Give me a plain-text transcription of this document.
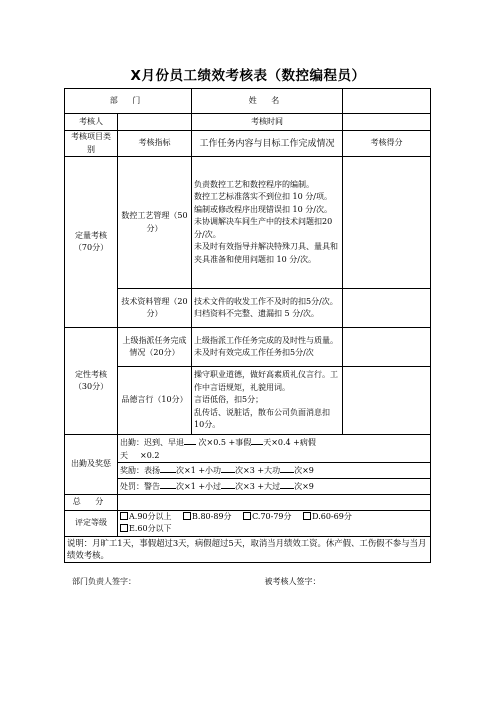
X月份员工绩效考核表（数控编程员）
部 门		姓 名	
考核人		考核时间	
考核项目类 别	考核指标	工作任务内容与目标工作完成情况	考核得分
定量考核（70分）	数控工艺管理（50分）	负责数控工艺和数控程序的编制。
数控工艺标准落实不到位扣 10 分/项。
编制或修改程序出现错误扣 10 分/次。
未协调解决车间生产中的技术问题扣20分/次。
未及时有效指导并解决特殊刀具、量具和夹具准备和使用问题扣 10 分/次。	

	技术资料管理（20分）	技术文件的收发工作不及时的扣5分/次。归档资料不完整、遗漏扣 5 分/次。	

定性考核（30分）	上级指派任务完成情况（20分）	上级指派工作任务完成的及时性与质量。
未及时有效完成工作任务扣5分/次	

	品德言行（10分）	操守职业道德，做好高素质礼仪言行。工作中言语规矩，礼貌用词。
言语低俗，扣5分；
乱传话、说脏话，散布公司负面消息扣10分。	

出勤及奖惩	出勤：迟到、早退 次×0.5 +事假 天×0.4 +病假
天 ×0.2		
	奖励：表扬 次×1 +小功 次×3 +大功 次×9		
	处罚：警告 次×1 +小过 次×3 +大过 次×9		
总 分			
评定等级	A.90分以上 B.80-89分 C.70-79分 D.60-69分
E.60分以下		
说明：月旷工1天，事假超过3天，病假超过5天，取消当月绩效工资。休产假、工伤假不参与当月绩效考核。			
部门负责人签字：	被考核人签字：
